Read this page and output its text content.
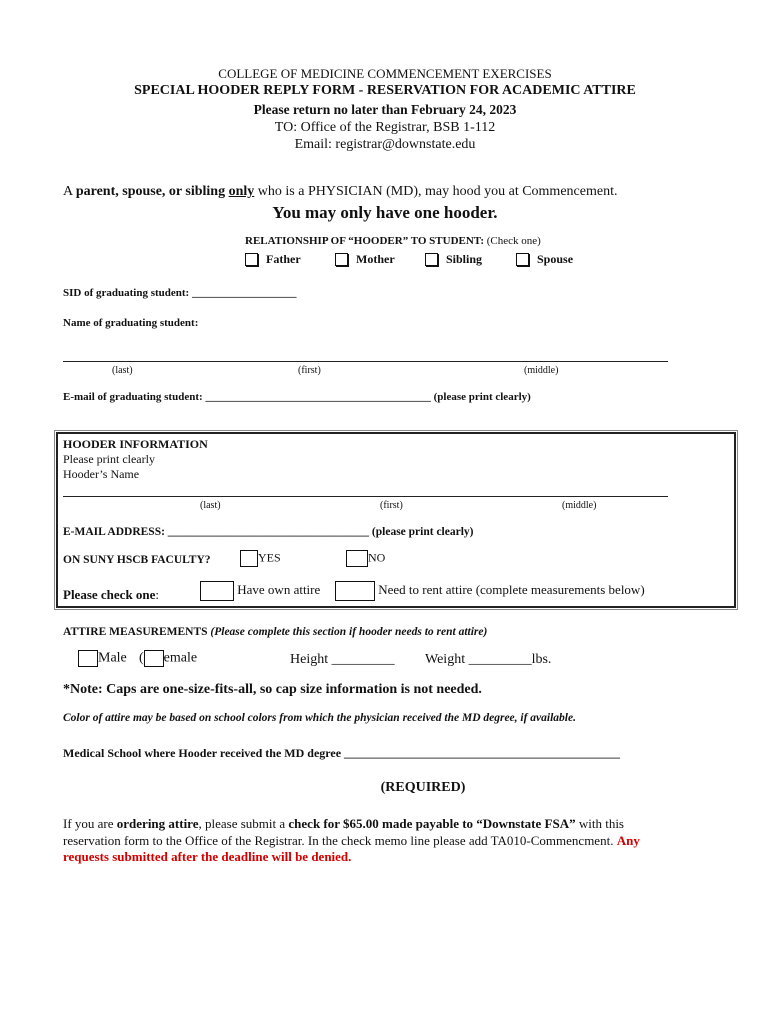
COLLEGE OF MEDICINE COMMENCEMENT EXERCISES
SPECIAL HOODER REPLY FORM - RESERVATION FOR ACADEMIC ATTIRE
Please return no later than February 24, 2023
TO: Office of the Registrar, BSB 1-112
Email: registrar@downstate.edu
A parent, spouse, or sibling only who is a PHYSICIAN (MD), may hood you at Commencement.
You may only have one hooder.
RELATIONSHIP OF “HOODER” TO STUDENT: (Check one)
Father	Mother	Sibling	Spouse
SID of graduating student: ___________________
Name of graduating student:
(last)	(first)	(middle)
E-mail of graduating student: _________________________________________ (please print clearly)
HOODER INFORMATION
Please print clearly
Hooder’s Name
(last)	(first)	(middle)
E-MAIL ADDRESS: ___________________________________ (please print clearly)
ON SUNY HSCB FACULTY?	YES	NO
Please check one:	Have own attire	Need to rent attire (complete measurements below)
ATTIRE MEASUREMENTS (Please complete this section if hooder needs to rent attire)
Male ( emale	Height _________ Weight _________lbs.
*Note: Caps are one-size-fits-all, so cap size information is not needed.
Color of attire may be based on school colors from which the physician received the MD degree, if available.
Medical School where Hooder received the MD degree ______________________________________________
(REQUIRED)
If you are ordering attire, please submit a check for $65.00 made payable to “Downstate FSA” with this
reservation form to the Office of the Registrar. In the check memo line please add TA010-Commencment. Any
requests submitted after the deadline will be denied.
